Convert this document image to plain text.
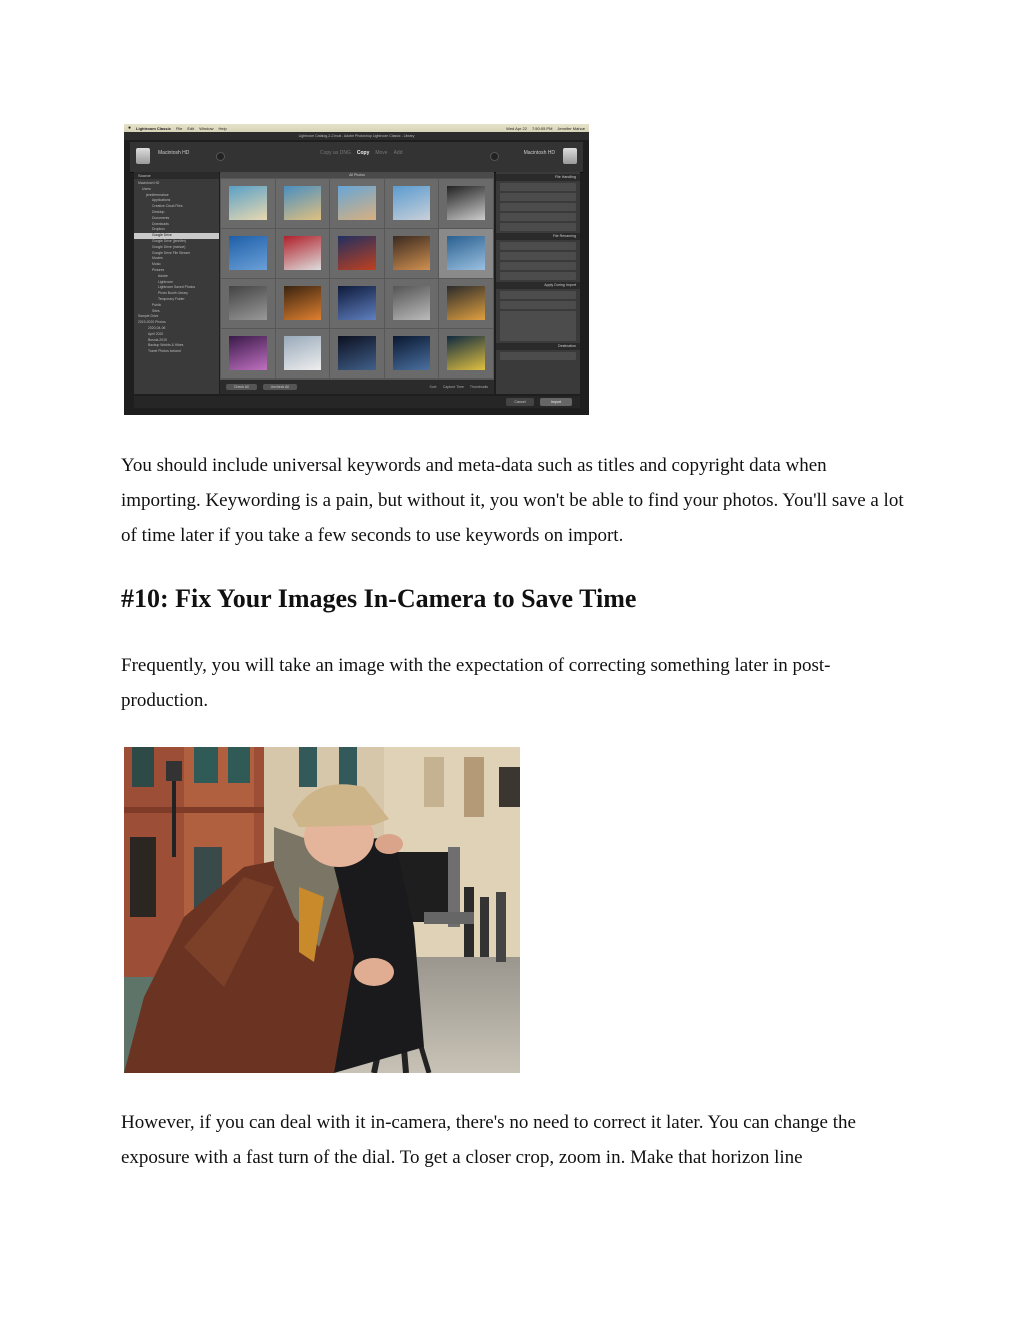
● Lightroom Classic File Edit Window Help	Wed Apr 22 7:50:05 PM Jennifer Mahoe
Lightroom Catalog-2-2.lrcat - Adobe Photoshop Lightroom Classic - Library
Macintosh HD	Copy as DNG Copy Move Add	Macintosh HD
Source
Macintosh HD
Users
jenniferrmahoe
Applications
Creative Cloud Files
Desktop
Documents
Downloads
Dropbox
Google Drive
Google Drive (jennifer)
Google Drive (mahoe)
Google Drive File Stream
Movies
Music
Pictures
Adobe
Lightroom
Lightroom Saved Photos
Photo Booth Library
Temporary Folder
Public
Sites
Sample Drive
2019-2020 Photos
2020-04-06
April 2020
Bosnia 2019
Backup Worlds & Hikes
Travel Photos Iceland
All Photos
Check All	Uncheck All	Sort: Capture Time Thumbnails
File Handling
File Renaming
Apply During Import
Destination
Cancel	Import

You should include universal keywords and meta-data such as titles and copyright data when importing. Keywording is a pain, but without it, you won't be able to find your photos. You'll save a lot of time later if you take a few seconds to use keywords on import.

#10: Fix Your Images In-Camera to Save Time

Frequently, you will take an image with the expectation of correcting something later in post-production.

However, if you can deal with it in-camera, there's no need to correct it later. You can change the exposure with a fast turn of the dial. To get a closer crop, zoom in. Make that horizon line
